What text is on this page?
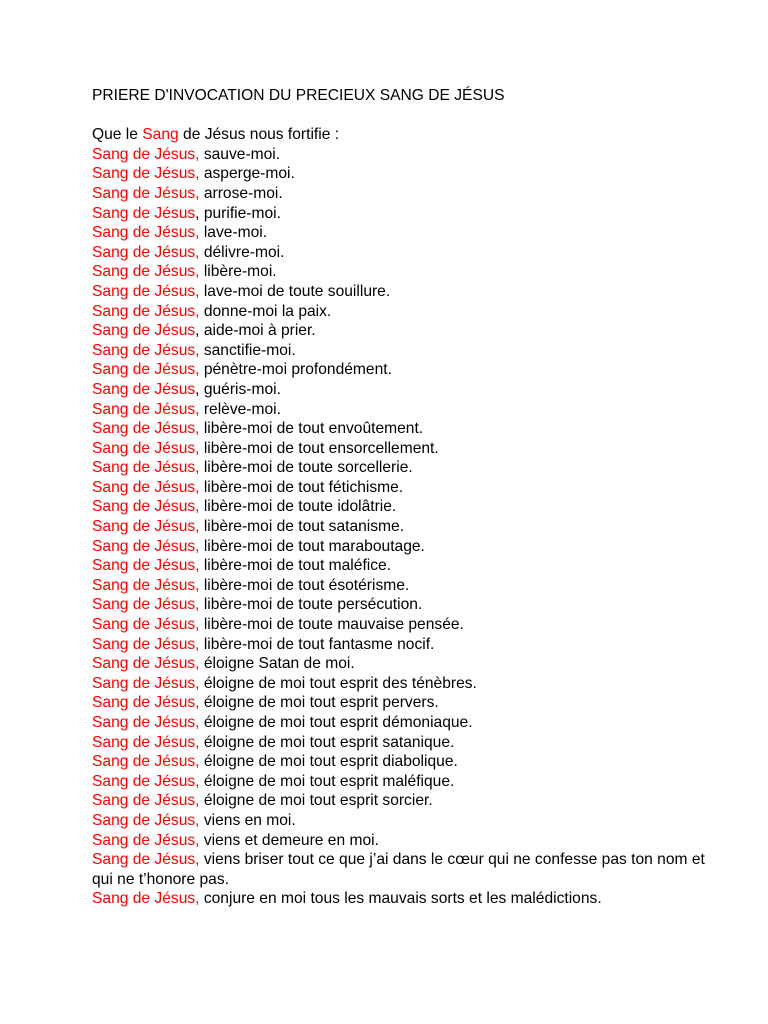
PRIERE D'INVOCATION DU PRECIEUX SANG DE JÉSUS

Que le Sang de Jésus nous fortifie :

Sang de Jésus, sauve-moi.

Sang de Jésus, asperge-moi.

Sang de Jésus, arrose-moi.

Sang de Jésus, purifie-moi.

Sang de Jésus, lave-moi.

Sang de Jésus, délivre-moi.

Sang de Jésus, libère-moi.

Sang de Jésus, lave-moi de toute souillure.

Sang de Jésus, donne-moi la paix.

Sang de Jésus, aide-moi à prier.

Sang de Jésus, sanctifie-moi.

Sang de Jésus, pénètre-moi profondément.

Sang de Jésus, guéris-moi.

Sang de Jésus, relève-moi.

Sang de Jésus, libère-moi de tout envoûtement.

Sang de Jésus, libère-moi de tout ensorcellement.

Sang de Jésus, libère-moi de toute sorcellerie.

Sang de Jésus, libère-moi de tout fétichisme.

Sang de Jésus, libère-moi de toute idolâtrie.

Sang de Jésus, libère-moi de tout satanisme.

Sang de Jésus, libère-moi de tout maraboutage.

Sang de Jésus, libère-moi de tout maléfice.

Sang de Jésus, libère-moi de tout ésotérisme.

Sang de Jésus, libère-moi de toute persécution.

Sang de Jésus, libère-moi de toute mauvaise pensée.

Sang de Jésus, libère-moi de tout fantasme nocif.

Sang de Jésus, éloigne Satan de moi.

Sang de Jésus, éloigne de moi tout esprit des ténèbres.

Sang de Jésus, éloigne de moi tout esprit pervers.

Sang de Jésus, éloigne de moi tout esprit démoniaque.

Sang de Jésus, éloigne de moi tout esprit satanique.

Sang de Jésus, éloigne de moi tout esprit diabolique.

Sang de Jésus, éloigne de moi tout esprit maléfique.

Sang de Jésus, éloigne de moi tout esprit sorcier.

Sang de Jésus, viens en moi.

Sang de Jésus, viens et demeure en moi.

Sang de Jésus, viens briser tout ce que j’ai dans le cœur qui ne confesse pas ton nom et qui ne t’honore pas.

Sang de Jésus, conjure en moi tous les mauvais sorts et les malédictions.
